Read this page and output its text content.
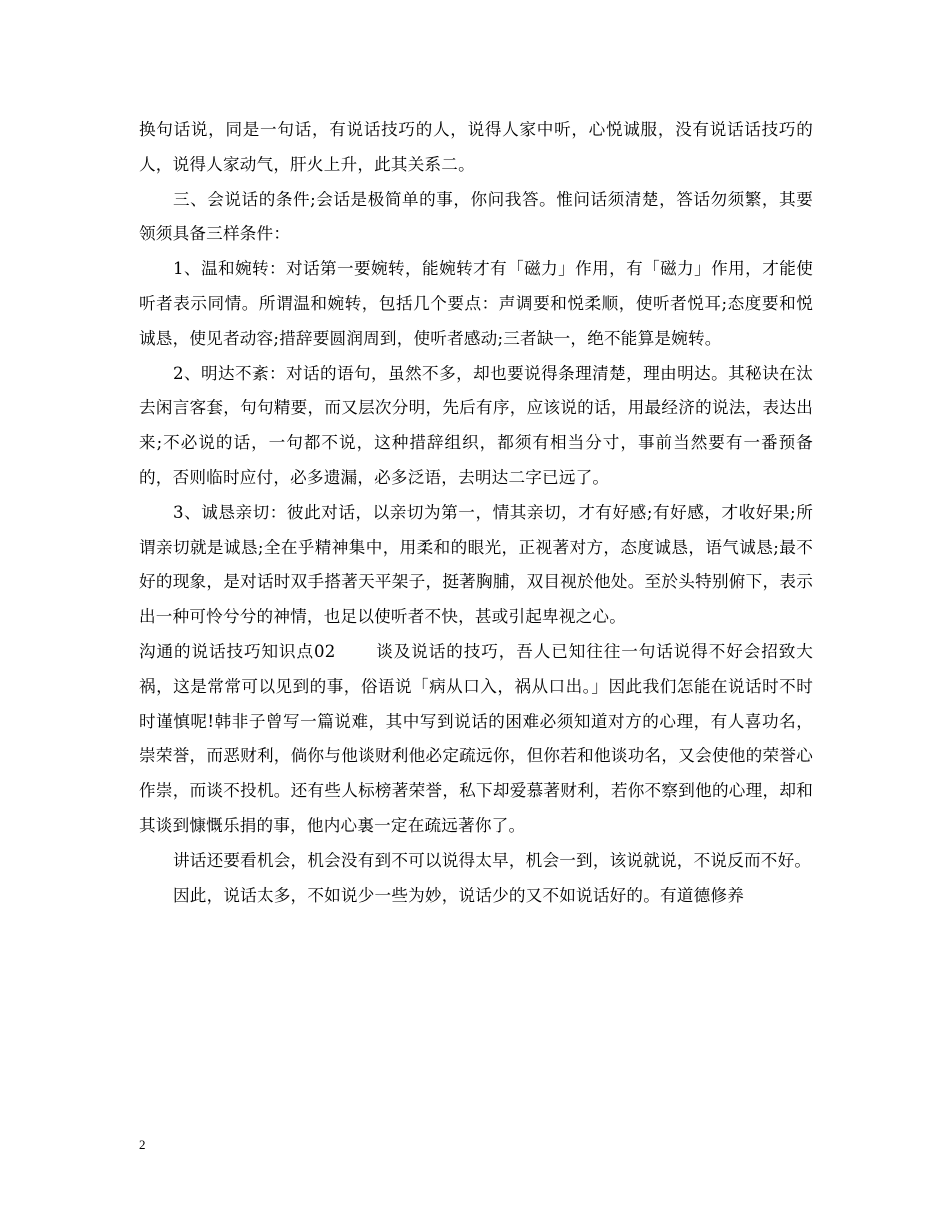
换句话说，同是一句话，有说话技巧的人，说得人家中听，心悦诚服，没有说话话技巧的人，说得人家动气，肝火上升，此其关系二。

三、会说话的条件;会话是极简单的事，你问我答。惟问话须清楚，答话勿须繁，其要领须具备三样条件：

1、温和婉转：对话第一要婉转，能婉转才有「磁力」作用，有「磁力」作用，才能使听者表示同情。所谓温和婉转，包括几个要点：声调要和悦柔顺，使听者悦耳;态度要和悦诚恳，使见者动容;措辞要圆润周到，使听者感动;三者缺一，绝不能算是婉转。

2、明达不紊：对话的语句，虽然不多，却也要说得条理清楚，理由明达。其秘诀在汰去闲言客套，句句精要，而又层次分明，先后有序，应该说的话，用最经济的说法，表达出来;不必说的话，一句都不说，这种措辞组织，都须有相当分寸，事前当然要有一番预备的，否则临时应付，必多遗漏，必多泛语，去明达二字已远了。

3、诚恳亲切：彼此对话，以亲切为第一，情其亲切，才有好感;有好感，才收好果;所谓亲切就是诚恳;全在乎精神集中，用柔和的眼光，正视著对方，态度诚恳，语气诚恳;最不好的现象，是对话时双手搭著天平架子，挺著胸脯，双目视於他处。至於头特别俯下，表示出一种可怜兮兮的神情，也足以使听者不快，甚或引起卑视之心。

沟通的说话技巧知识点02 谈及说话的技巧，吾人已知往往一句话说得不好会招致大祸，这是常常可以见到的事，俗语说「病从口入，祸从口出。」因此我们怎能在说话时不时时谨慎呢!韩非子曾写一篇说难，其中写到说话的困难必须知道对方的心理，有人喜功名，崇荣誉，而恶财利，倘你与他谈财利他必定疏远你，但你若和他谈功名，又会使他的荣誉心作崇，而谈不投机。还有些人标榜著荣誉，私下却爱慕著财利，若你不察到他的心理，却和其谈到慷慨乐捐的事，他内心裏一定在疏远著你了。

讲话还要看机会，机会没有到不可以说得太早，机会一到，该说就说，不说反而不好。

因此，说话太多，不如说少一些为妙，说话少的又不如说话好的。有道德修养

2
